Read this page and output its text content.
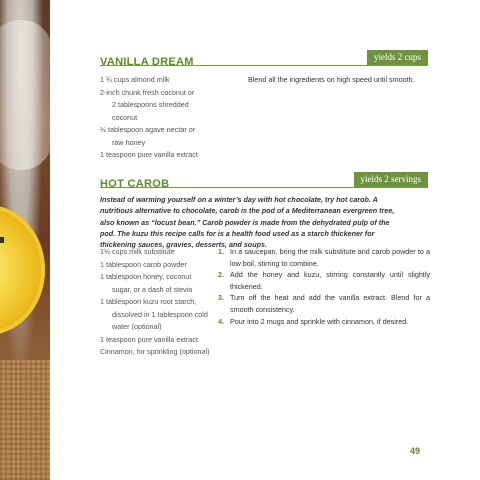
yields 2 cups
VANILLA DREAM
1 ¾ cups almond milk
2-inch chunk fresh coconut or
2 tablespoons shredded
coconut
½ tablespoon agave nectar or
raw honey
1 teaspoon pure vanilla extract
Blend all the ingredients on high speed until smooth.
yields 2 servings
HOT CAROB

Instead of warming yourself on a winter’s day with hot chocolate, try hot carob. A nutritious alternative to chocolate, carob is the pod of a Mediterranean evergreen tree, also known as “locust bean.” Carob powder is made from the dehydrated pulp of the pod. The kuzu this recipe calls for is a health food used as a starch thickener for thickening sauces, gravies, desserts, and soups.

1½ cups milk substitute
1 tablespoon carob powder
1 tablespoon honey, coconut
sugar, or a dash of stevia
1 tablespoon kuzu root starch,
dissolved in 1 tablespoon cold
water (optional)
1 teaspoon pure vanilla extract
Cinnamon, for sprinkling (optional)
1. In a saucepan, bring the milk substitute and carob powder to a low boil, stirring to combine.
2. Add the honey and kuzu, stirring constantly until slightly thickened.
3. Turn off the heat and add the vanilla extract. Blend for a smooth consistency.
4. Pour into 2 mugs and sprinkle with cinnamon, if desired.
49
